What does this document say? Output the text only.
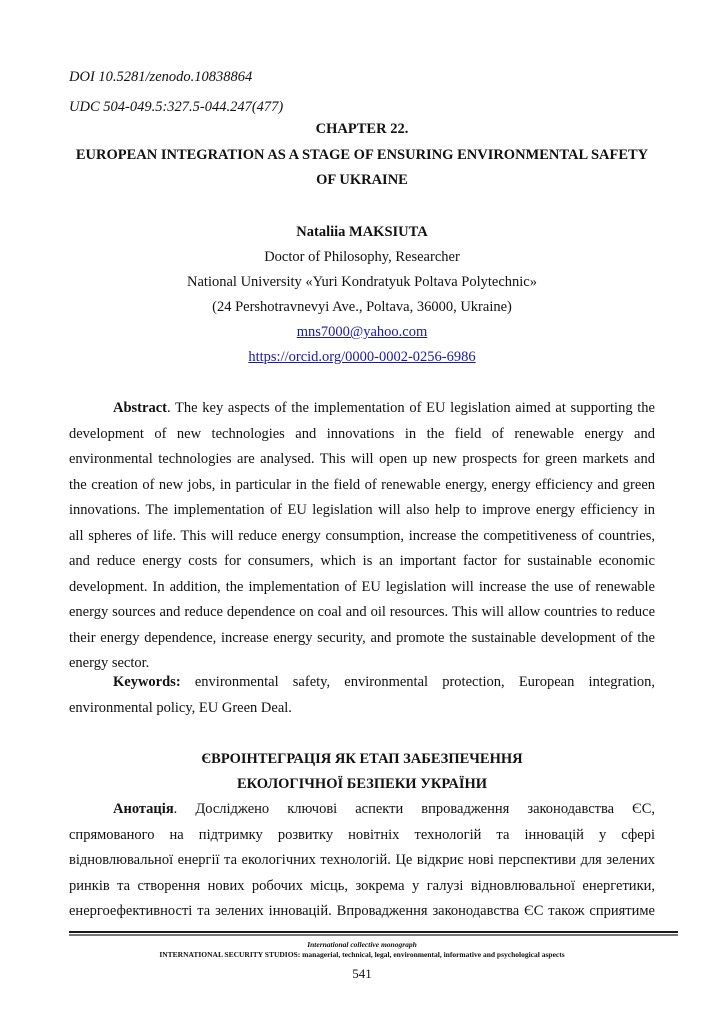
DOI 10.5281/zenodo.10838864
UDC 504-049.5:327.5-044.247(477)
CHAPTER 22.
EUROPEAN INTEGRATION AS A STAGE OF ENSURING ENVIRONMENTAL SAFETY
OF UKRAINE
Nataliia MAKSIUTA
Doctor of Philosophy, Researcher
National University «Yuri Kondratyuk Poltava Polytechnic»
(24 Pershotravnevyi Ave., Poltava, 36000, Ukraine)
mns7000@yahoo.com
https://orcid.org/0000-0002-0256-6986
Abstract. The key aspects of the implementation of EU legislation aimed at supporting the
development of new technologies and innovations in the field of renewable energy and
environmental technologies are analysed. This will open up new prospects for green markets and
the creation of new jobs, in particular in the field of renewable energy, energy efficiency and green
innovations. The implementation of EU legislation will also help to improve energy efficiency in
all spheres of life. This will reduce energy consumption, increase the competitiveness of countries,
and reduce energy costs for consumers, which is an important factor for sustainable economic
development. In addition, the implementation of EU legislation will increase the use of renewable
energy sources and reduce dependence on coal and oil resources. This will allow countries to reduce
their energy dependence, increase energy security, and promote the sustainable development of the
energy sector.
Keywords: environmental safety, environmental protection, European integration,
environmental policy, EU Green Deal.
ЄВРОІНТЕГРАЦІЯ ЯК ЕТАП ЗАБЕЗПЕЧЕННЯ
ЕКОЛОГІЧНОЇ БЕЗПЕКИ УКРАЇНИ
Анотація. Досліджено ключові аспекти впровадження законодавства ЄС,
спрямованого на підтримку розвитку новітніх технологій та інновацій у сфері
відновлювальної енергії та екологічних технологій. Це відкриє нові перспективи для зелених
ринків та створення нових робочих місць, зокрема у галузі відновлювальної енергетики,
енергоефективності та зелених інновацій. Впровадження законодавства ЄС також сприятиме
International collective monograph
INTERNATIONAL SECURITY STUDIOS: managerial, technical, legal, environmental, informative and psychological aspects
541
